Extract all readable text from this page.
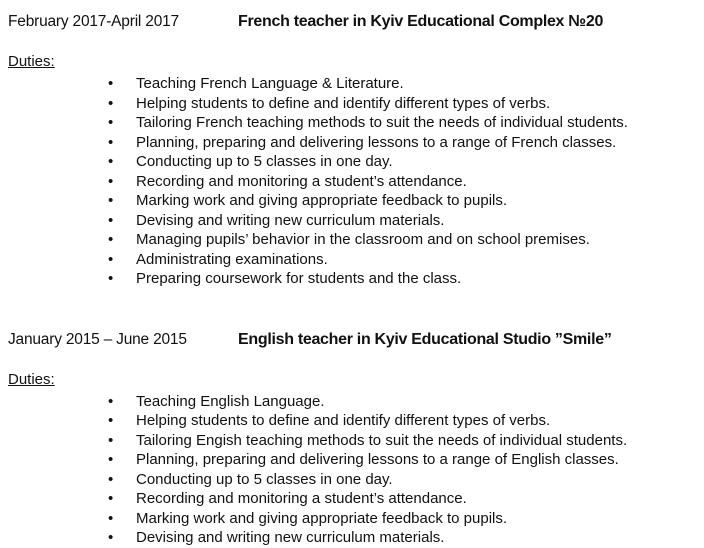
February 2017-April 2017	French teacher in Kyiv Educational Complex №20
Duties:
• Teaching French Language & Literature.
• Helping students to define and identify different types of verbs.
• Tailoring French teaching methods to suit the needs of individual students.
• Planning, preparing and delivering lessons to a range of French classes.
• Conducting up to 5 classes in one day.
• Recording and monitoring a student’s attendance.
• Marking work and giving appropriate feedback to pupils.
• Devising and writing new curriculum materials.
• Managing pupils’ behavior in the classroom and on school premises.
• Administrating examinations.
• Preparing coursework for students and the class.
January 2015 – June 2015	English teacher in Kyiv Educational Studio ”Smile”
Duties:
• Teaching English Language.
• Helping students to define and identify different types of verbs.
• Tailoring Engish teaching methods to suit the needs of individual students.
• Planning, preparing and delivering lessons to a range of English classes.
• Conducting up to 5 classes in one day.
• Recording and monitoring a student’s attendance.
• Marking work and giving appropriate feedback to pupils.
• Devising and writing new curriculum materials.
